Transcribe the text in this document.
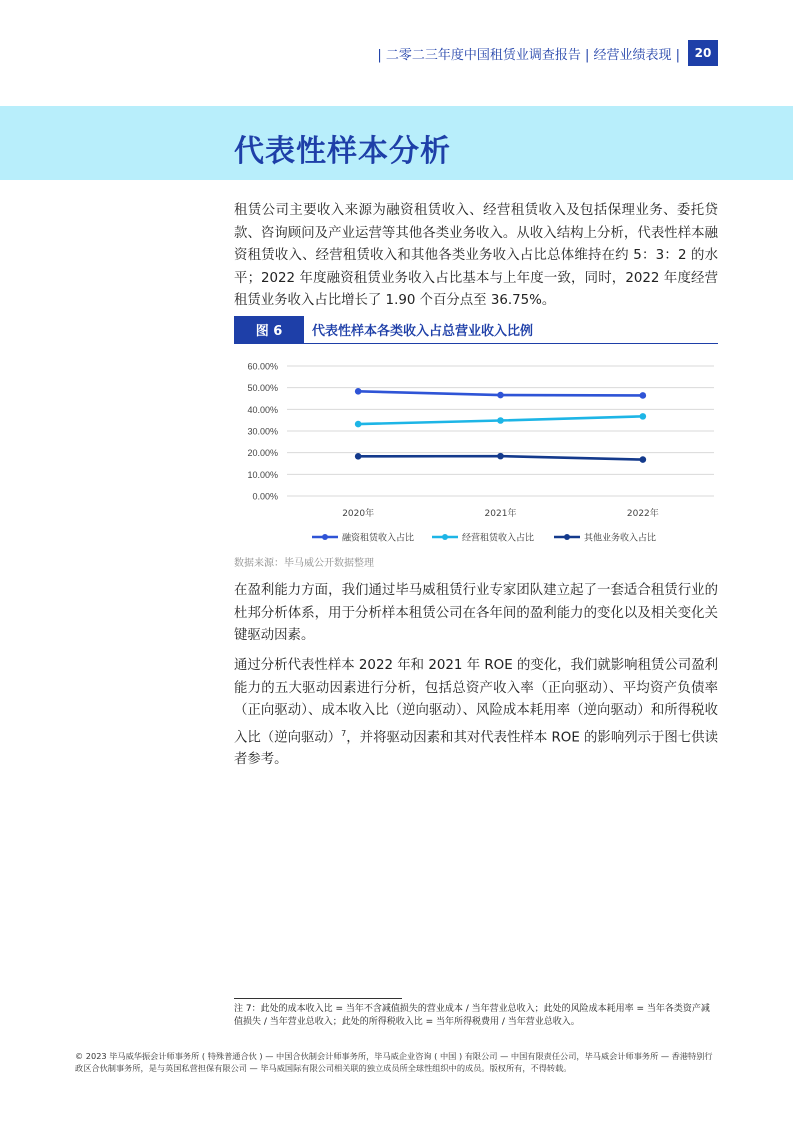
| 二零二三年度中国租赁业调查报告 | 经营业绩表现 |	20
代表性样本分析

租赁公司主要收入来源为融资租赁收入、经营租赁收入及包括保理业务、委托贷款、咨询顾问及产业运营等其他各类业务收入。从收入结构上分析，代表性样本融资租赁收入、经营租赁收入和其他各类业务收入占比总体维持在约 5：3：2 的水平；2022 年度融资租赁业务收入占比基本与上年度一致，同时，2022 年度经营租赁业务收入占比增长了 1.90 个百分点至 36.75%。

图 6	代表性样本各类收入占总营业收入比例
60.00%
50.00%
40.00%
30.00%
20.00%
10.00%
0.00%
2020年	2021年	2022年
融资租赁收入占比	经营租赁收入占比	其他业务收入占比
数据来源：毕马威公开数据整理

在盈利能力方面，我们通过毕马威租赁行业专家团队建立起了一套适合租赁行业的杜邦分析体系，用于分析样本租赁公司在各年间的盈利能力的变化以及相关变化关键驱动因素。

通过分析代表性样本 2022 年和 2021 年 ROE 的变化，我们就影响租赁公司盈利能力的五大驱动因素进行分析，包括总资产收入率（正向驱动）、平均资产负债率（正向驱动）、成本收入比（逆向驱动）、风险成本耗用率（逆向驱动）和所得税收入比（逆向驱动）$^7$，并将驱动因素和其对代表性样本 ROE 的影响列示于图七供读者参考。

注 7：此处的成本收入比 = 当年不含减值损失的营业成本 / 当年营业总收入；此处的风险成本耗用率 = 当年各类资产减值损失 / 当年营业总收入；此处的所得税收入比 = 当年所得税费用 / 当年营业总收入。

© 2023 毕马威华振会计师事务所 ( 特殊普通合伙 ) — 中国合伙制会计师事务所，毕马威企业咨询 ( 中国 ) 有限公司 — 中国有限责任公司，毕马威会计师事务所 — 香港特别行政区合伙制事务所，是与英国私营担保有限公司 — 毕马威国际有限公司相关联的独立成员所全球性组织中的成员。版权所有，不得转载。
